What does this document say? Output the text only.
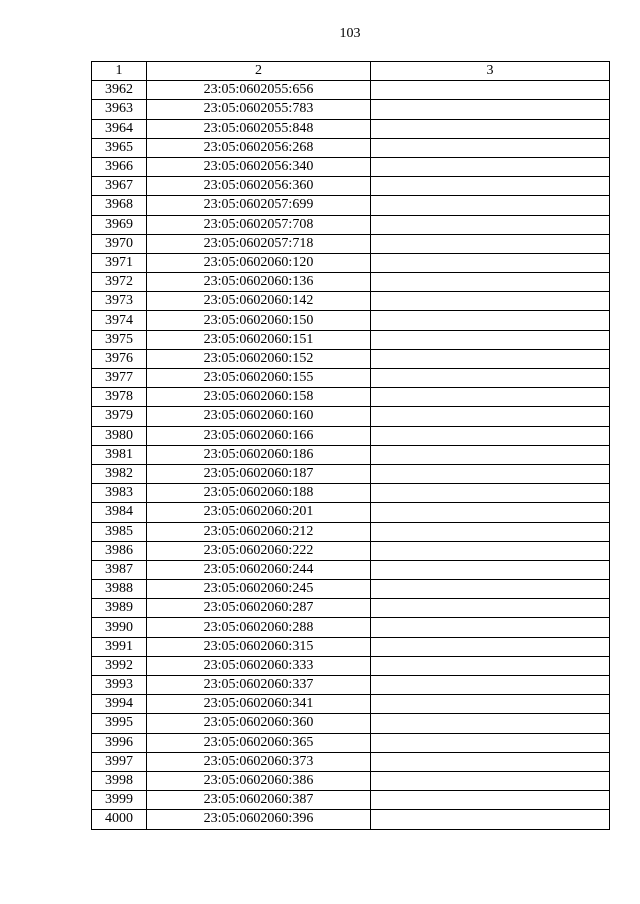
103
1	2	3
3962	23:05:0602055:656	
3963	23:05:0602055:783	
3964	23:05:0602055:848	
3965	23:05:0602056:268	
3966	23:05:0602056:340	
3967	23:05:0602056:360	
3968	23:05:0602057:699	
3969	23:05:0602057:708	
3970	23:05:0602057:718	
3971	23:05:0602060:120	
3972	23:05:0602060:136	
3973	23:05:0602060:142	
3974	23:05:0602060:150	
3975	23:05:0602060:151	
3976	23:05:0602060:152	
3977	23:05:0602060:155	
3978	23:05:0602060:158	
3979	23:05:0602060:160	
3980	23:05:0602060:166	
3981	23:05:0602060:186	
3982	23:05:0602060:187	
3983	23:05:0602060:188	
3984	23:05:0602060:201	
3985	23:05:0602060:212	
3986	23:05:0602060:222	
3987	23:05:0602060:244	
3988	23:05:0602060:245	
3989	23:05:0602060:287	
3990	23:05:0602060:288	
3991	23:05:0602060:315	
3992	23:05:0602060:333	
3993	23:05:0602060:337	
3994	23:05:0602060:341	
3995	23:05:0602060:360	
3996	23:05:0602060:365	
3997	23:05:0602060:373	
3998	23:05:0602060:386	
3999	23:05:0602060:387	
4000	23:05:0602060:396	
